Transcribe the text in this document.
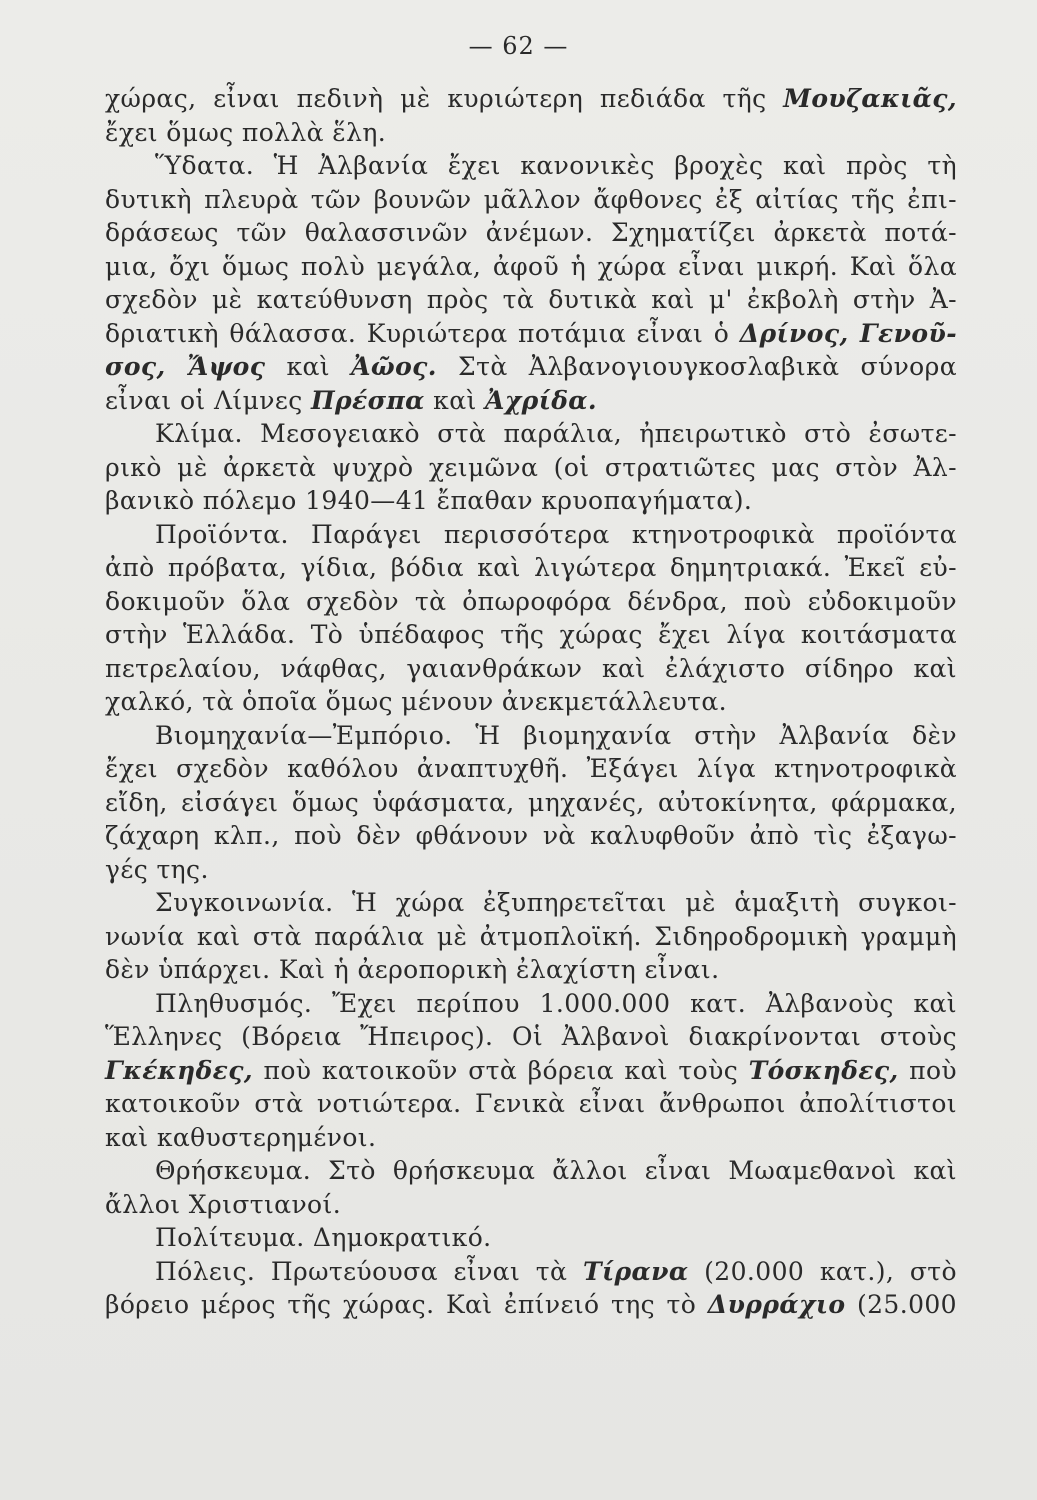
— 62 —
χώρας, εἶναι πεδινὴ μὲ κυριώτερη πεδιάδα τῆς Μουζακιᾶς,
ἔχει ὅμως πολλὰ ἕλη.
Ὕδατα. Ἡ Ἀλβανία ἔχει κανονικὲς βροχὲς καὶ πρὸς τὴ
δυτικὴ πλευρὰ τῶν βουνῶν μᾶλλον ἄφθονες ἐξ αἰτίας τῆς ἐπι-
δράσεως τῶν θαλασσινῶν ἀνέμων. Σχηματίζει ἀρκετὰ ποτά-
μια, ὄχι ὅμως πολὺ μεγάλα, ἀφοῦ ἡ χώρα εἶναι μικρή. Καὶ ὅλα
σχεδὸν μὲ κατεύθυνση πρὸς τὰ δυτικὰ καὶ μ' ἐκβολὴ στὴν Ἀ-
δριατικὴ θάλασσα. Κυριώτερα ποτάμια εἶναι ὁ Δρίνος, Γενοῦ-
σος, Ἄψος καὶ Ἀῶος. Στὰ Ἀλβανογιουγκοσλαβικὰ σύνορα
εἶναι οἱ Λίμνες Πρέσπα καὶ Ἀχρίδα.
Κλίμα. Μεσογειακὸ στὰ παράλια, ἠπειρωτικὸ στὸ ἐσωτε-
ρικὸ μὲ ἀρκετὰ ψυχρὸ χειμῶνα (οἱ στρατιῶτες μας στὸν Ἀλ-
βανικὸ πόλεμο 1940—41 ἔπαθαν κρυοπαγήματα).
Προϊόντα. Παράγει περισσότερα κτηνοτροφικὰ προϊόντα
ἀπὸ πρόβατα, γίδια, βόδια καὶ λιγώτερα δημητριακά. Ἐκεῖ εὐ-
δοκιμοῦν ὅλα σχεδὸν τὰ ὀπωροφόρα δένδρα, ποὺ εὐδοκιμοῦν
στὴν Ἑλλάδα. Τὸ ὑπέδαφος τῆς χώρας ἔχει λίγα κοιτάσματα
πετρελαίου, νάφθας, γαιανθράκων καὶ ἐλάχιστο σίδηρο καὶ
χαλκό, τὰ ὁποῖα ὅμως μένουν ἀνεκμετάλλευτα.
Βιομηχανία—Ἐμπόριο. Ἡ βιομηχανία στὴν Ἀλβανία δὲν
ἔχει σχεδὸν καθόλου ἀναπτυχθῆ. Ἐξάγει λίγα κτηνοτροφικὰ
εἴδη, εἰσάγει ὅμως ὑφάσματα, μηχανές, αὐτοκίνητα, φάρμακα,
ζάχαρη κλπ., ποὺ δὲν φθάνουν νὰ καλυφθοῦν ἀπὸ τὶς ἐξαγω-
γές της.
Συγκοινωνία. Ἡ χώρα ἐξυπηρετεῖται μὲ ἁμαξιτὴ συγκοι-
νωνία καὶ στὰ παράλια μὲ ἀτμοπλοϊκή. Σιδηροδρομικὴ γραμμὴ
δὲν ὑπάρχει. Καὶ ἡ ἀεροπορικὴ ἐλαχίστη εἶναι.
Πληθυσμός. Ἔχει περίπου 1.000.000 κατ. Ἀλβανοὺς καὶ
Ἕλληνες (Βόρεια Ἤπειρος). Οἱ Ἀλβανοὶ διακρίνονται στοὺς
Γκέκηδες, ποὺ κατοικοῦν στὰ βόρεια καὶ τοὺς Τόσκηδες, ποὺ
κατοικοῦν στὰ νοτιώτερα. Γενικὰ εἶναι ἄνθρωποι ἀπολίτιστοι
καὶ καθυστερημένοι.
Θρήσκευμα. Στὸ θρήσκευμα ἄλλοι εἶναι Μωαμεθανοὶ καὶ
ἄλλοι Χριστιανοί.
Πολίτευμα. Δημοκρατικό.
Πόλεις. Πρωτεύουσα εἶναι τὰ Τίρανα (20.000 κατ.), στὸ
βόρειο μέρος τῆς χώρας. Καὶ ἐπίνειό της τὸ Δυρράχιο (25.000
